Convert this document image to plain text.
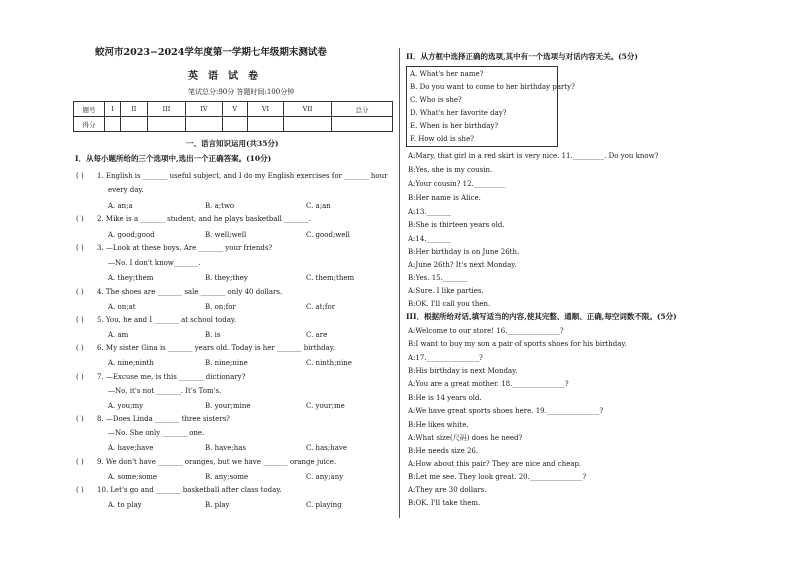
蛟河市2023−2024学年度第一学期七年级期末测试卷
英语试卷
笔试总分:90分 答题时间:100分钟
题号	I	II	III	IV	V	VI	VII	总分
得分								
一、语言知识运用(共35分)
I．从每小题所给的三个选项中,选出一个正确答案。(10分)
( ) 1. English is _______ useful subject, and I do my English exercises for _______ hour
every day.
A. an;a	B. a;two	C. a;an
( ) 2. Mike is a _______ student, and he plays basketball _______.
A. good;good	B. well;well	C. good;well
( ) 3. —Look at these boys. Are _______ your friends?
—No. I don't know_______.
A. they;them	B. they;they	C. them;them
( ) 4. The shoes are _______ sale _______ only 40 dollars.
A. on;at	B. on;for	C. at;for
( ) 5. You, he and I _______ at school today.
A. am	B. is	C. are
( ) 6. My sister Gina is _______ years old. Today is her _______ birthday.
A. nine;ninth	B. nine;nine	C. ninth;nine
( ) 7. —Excuse me, is this _______ dictionary?
—No, it's not _______. It's Tom's.
A. you;my	B. your;mine	C. your;me
( ) 8. —Does Linda _______ three sisters?
—No. She only _______ one.
A. have;have	B. have;has	C. has;have
( ) 9. We don't have _______ oranges, but we have _______ orange juice.
A. some;some	B. any;some	C. any;any
( ) 10. Let's go and _______ basketball after class today.
A. to play	B. play	C. playing
II．从方框中选择正确的选项,其中有一个选项与对话内容无关。(5分)
A. What's her name?
B. Do you want to come to her birthday party?
C. Who is she?
D. What's her favorite day?
E. When is her birthday?
F. How old is she?
A:Mary, that girl in a red skirt is very nice. 11._________. Do you know?
B:Yes, she is my cousin.
A:Your cousin? 12._________
B:Her name is Alice.
A:13._______
B:She is thirteen years old.
A:14._______
B:Her birthday is on June 26th.
A:June 26th? It's next Monday.
B:Yes. 15._______
A:Sure. I like parties.
B:OK. I'll call you then.
III．根据所给对话,填写适当的内容,使其完整、通顺、正确,每空词数不限。(5分)
A:Welcome to our store! 16._______________?
B:I want to buy my son a pair of sports shoes for his birthday.
A:17._______________?
B:His birthday is next Monday.
A:You are a great mother. 18._______________?
B:He is 14 years old.
A:We have great sports shoes here. 19._______________?
B:He likes white.
A:What size(尺码) does he need?
B:He needs size 26.
A:How about this pair? They are nice and cheap.
B:Let me see. They look great. 20._______________?
A:They are 30 dollars.
B:OK. I'll take them.
